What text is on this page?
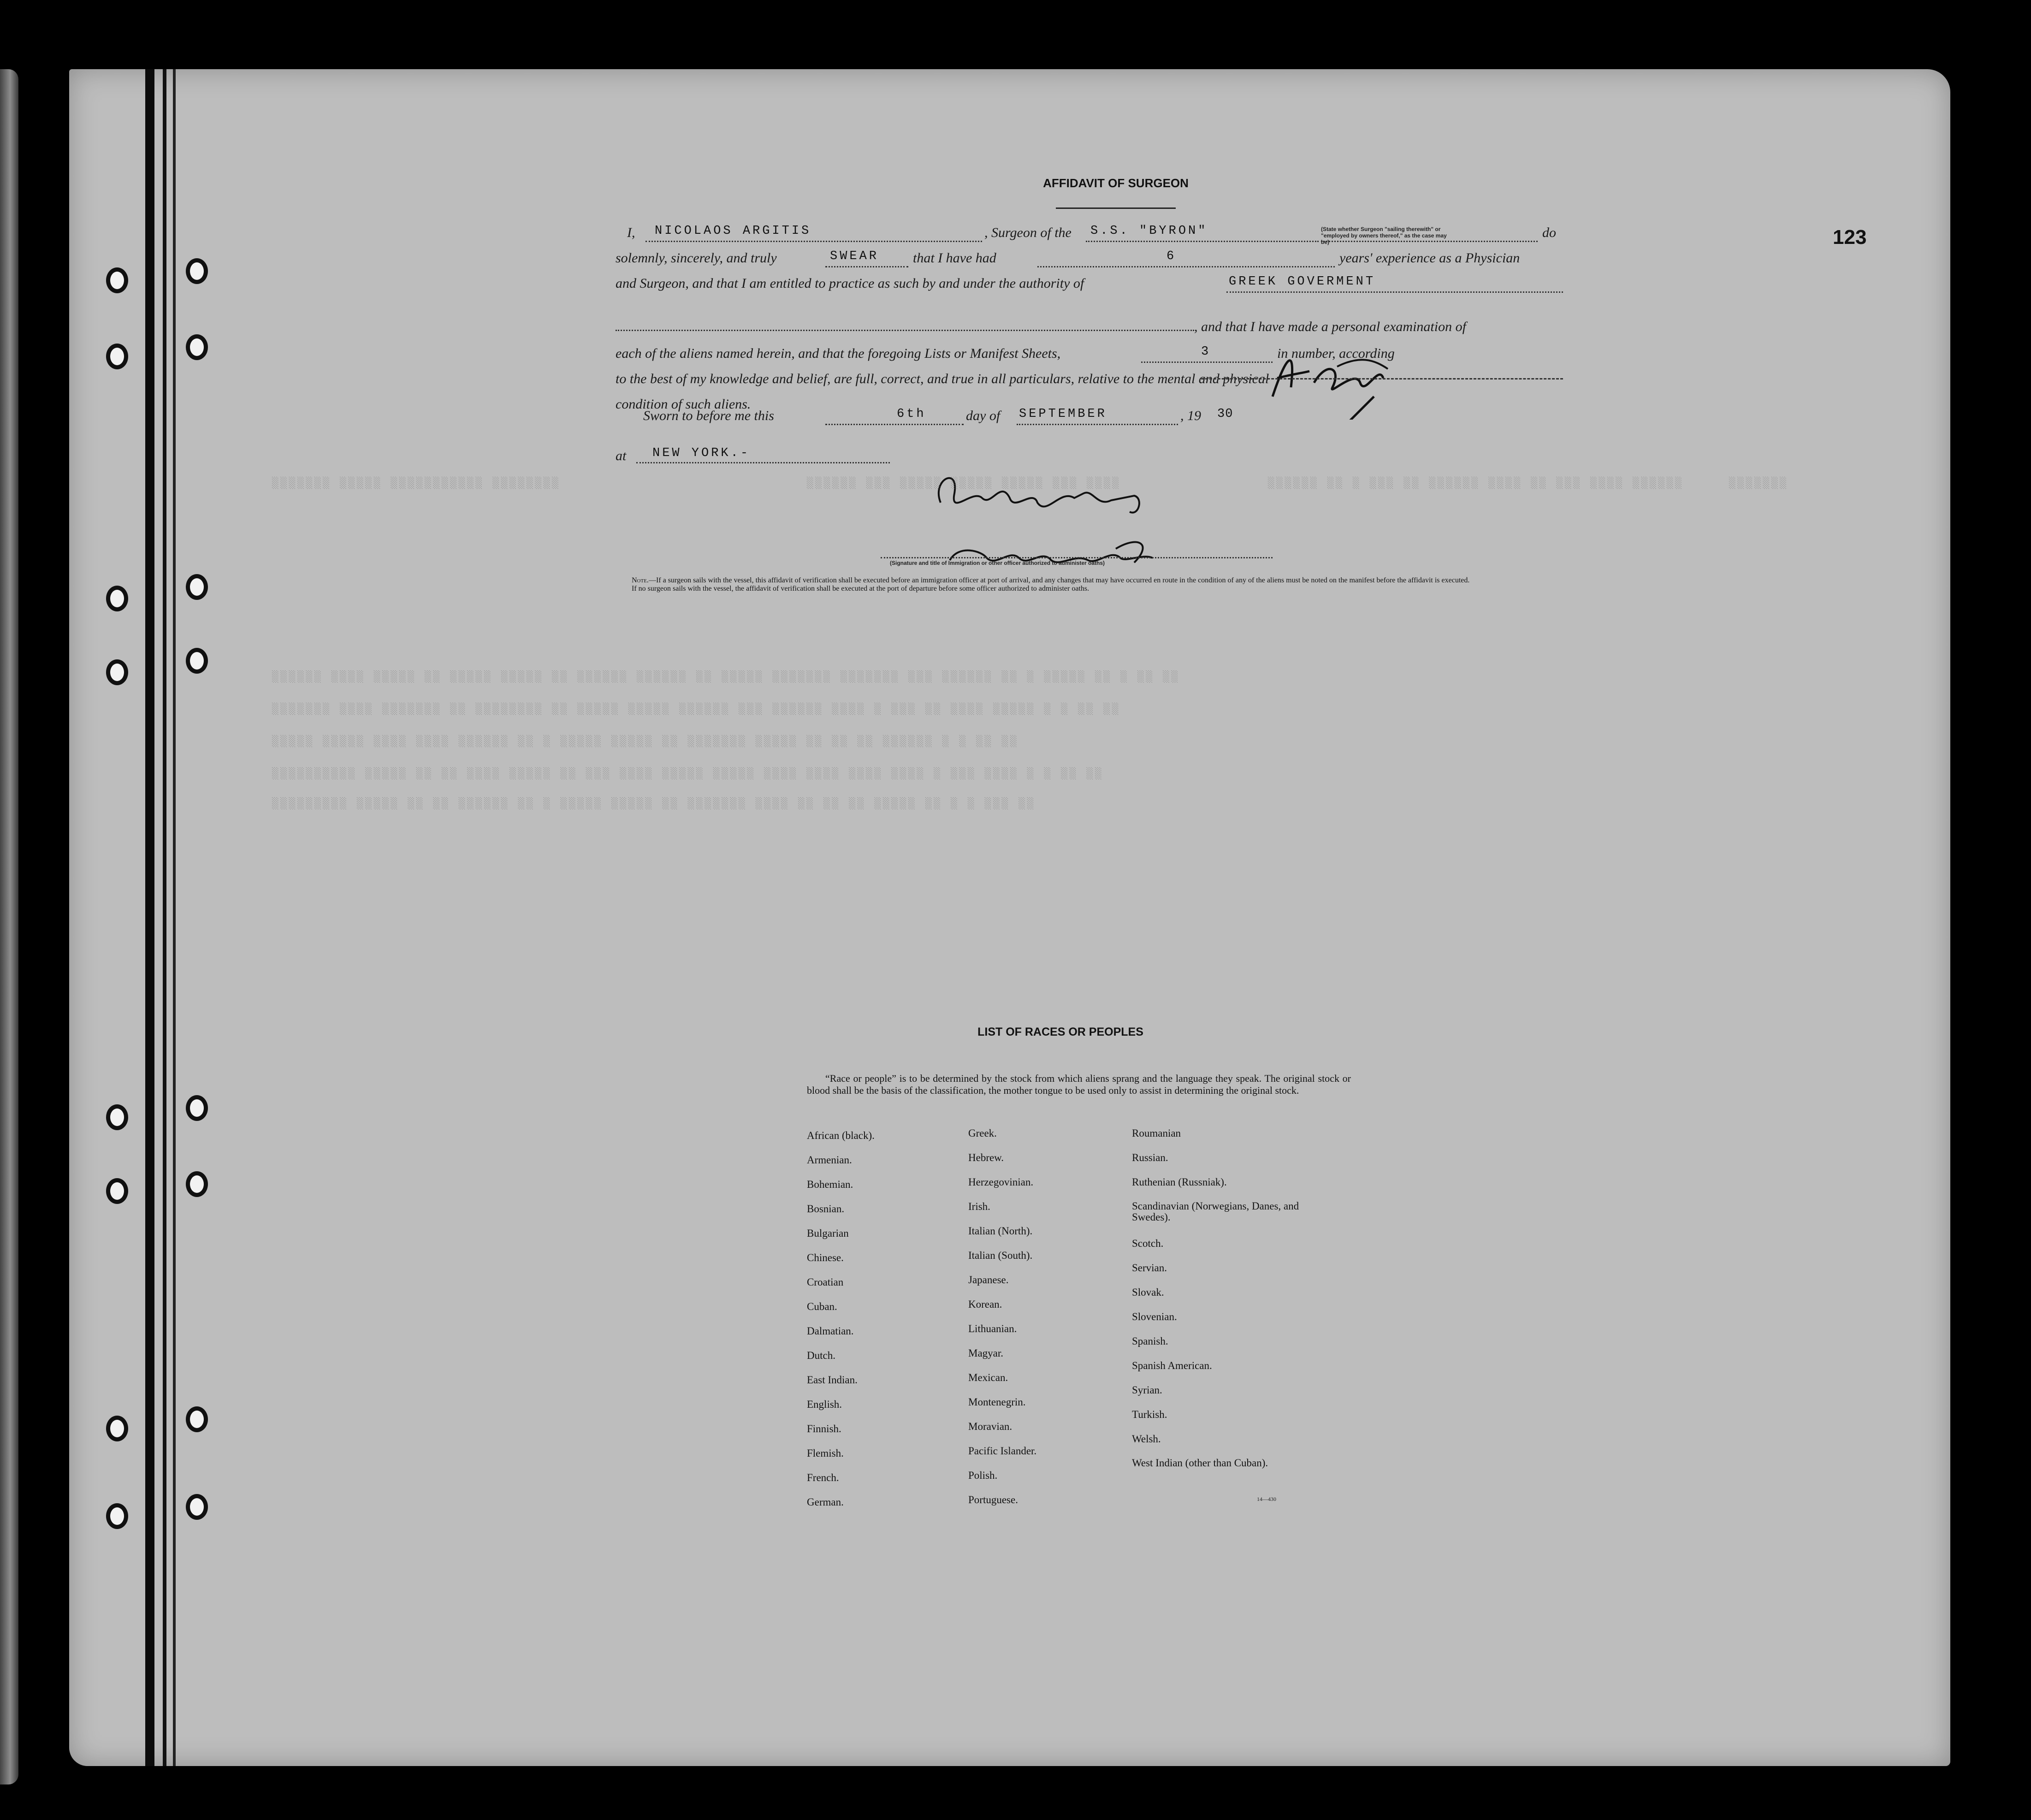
123
AFFIDAVIT OF SURGEON
I, NICOLAOS ARGITIS	, Surgeon of the S.S. "BYRON"	(State whether Surgeon "sailing therewith" or "employed by owners thereof," as the case may be)
do
solemnly, sincerely, and truly	SWEAR that I have had	6	years' experience as a Physician
and Surgeon, and that I am entitled to practice as such by and under the authority of	GREEK GOVERMENT
, and that I have made a personal examination of
each of the aliens named herein, and that the foregoing Lists or Manifest Sheets,	3	in number, according
to the best of my knowledge and belief, are full, correct, and true in all particulars, relative to the mental and physical
condition of such aliens.
Sworn to before me this	6th	day of SEPTEMBER	, 19 30
at NEW YORK.-
(Signature and title of Immigration or other officer authorized to administer oaths)
Note.—If a surgeon sails with the vessel, this affidavit of verification shall be executed before an immigration officer at port of arrival, and any changes that may have occurred en route in the condition of any of the aliens must be noted on the manifest before the affidavit is executed.
If no surgeon sails with the vessel, the affidavit of verification shall be executed at the port of departure before some officer authorized to administer oaths.
░░░░░░░ ░░░░░ ░░░░░░░░░░░ ░░░░░░░░	░░░░░░ ░░░ ░░░░░ ░░░░░ ░░░░░ ░░░ ░░░░	░░░░░░ ░░ ░ ░░░ ░░ ░░░░░░ ░░░░ ░░ ░░░ ░░░░ ░░░░░░	░░░░░░░
░░░░░░ ░░░░ ░░░░░ ░░ ░░░░░ ░░░░░ ░░ ░░░░░░ ░░░░░░ ░░ ░░░░░ ░░░░░░░ ░░░░░░░ ░░░ ░░░░░░ ░░ ░ ░░░░░ ░░ ░ ░░ ░░
░░░░░░░ ░░░░ ░░░░░░░ ░░ ░░░░░░░░ ░░ ░░░░░ ░░░░░ ░░░░░░ ░░░ ░░░░░░ ░░░░ ░ ░░░ ░░ ░░░░ ░░░░░ ░ ░ ░░ ░░
░░░░░ ░░░░░ ░░░░ ░░░░ ░░░░░░ ░░ ░ ░░░░░ ░░░░░ ░░ ░░░░░░░ ░░░░░ ░░ ░░ ░░ ░░░░░░ ░ ░ ░░ ░░
░░░░░░░░░░ ░░░░░ ░░ ░░ ░░░░ ░░░░░ ░░ ░░░ ░░░░ ░░░░░ ░░░░░ ░░░░ ░░░░ ░░░░ ░░░░ ░ ░░░ ░░░░ ░ ░ ░░ ░░
░░░░░░░░░ ░░░░░ ░░ ░░ ░░░░░░ ░░ ░ ░░░░░ ░░░░░ ░░ ░░░░░░░ ░░░░ ░░ ░░ ░░ ░░░░░ ░░ ░ ░ ░░░ ░░
LIST OF RACES OR PEOPLES
“Race or people” is to be determined by the stock from which aliens sprang and the language they speak. The original stock or blood shall be the basis of the classification, the mother tongue to be used only to assist in determining the original stock.
African (black).
Armenian.
Bohemian.
Bosnian.
Bulgarian
Chinese.
Croatian
Cuban.
Dalmatian.
Dutch.
East Indian.
English.
Finnish.
Flemish.
French.
German.
Greek.
Hebrew.
Herzegovinian.
Irish.
Italian (North).
Italian (South).
Japanese.
Korean.
Lithuanian.
Magyar.
Mexican.
Montenegrin.
Moravian.
Pacific Islander.
Polish.
Portuguese.
Roumanian
Russian.
Ruthenian (Russniak).
Scandinavian (Norwegians, Danes, and Swedes).
Scotch.
Servian.
Slovak.
Slovenian.
Spanish.
Spanish American.
Syrian.
Turkish.
Welsh.
West Indian (other than Cuban).
14—430
